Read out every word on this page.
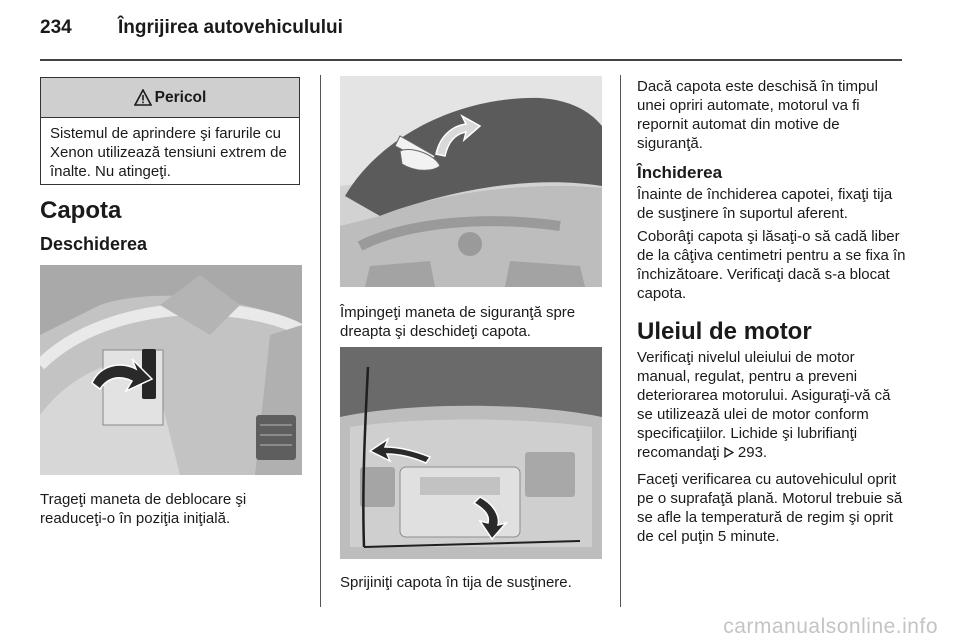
234 Îngrijirea autovehiculului
Pericol
Sistemul de aprindere şi farurile cu Xenon utilizează tensiuni extrem de înalte. Nu atingeţi.
Capota
Deschiderea
Trageţi maneta de deblocare şi readuceţi-o în poziţia iniţială.
Împingeţi maneta de siguranţă spre dreapta şi deschideţi capota.
Sprijiniţi capota în tija de susţinere.
Dacă capota este deschisă în timpul unei opriri automate, motorul va fi repornit automat din motive de siguranţă.
Închiderea
Înainte de închiderea capotei, fixaţi tija de susţinere în suportul aferent.
Coborâţi capota şi lăsaţi-o să cadă liber de la câţiva centimetri pentru a se fixa în închizătoare. Verificaţi dacă s-a blocat capota.
Uleiul de motor
Verificaţi nivelul uleiului de motor manual, regulat, pentru a preveni deteriorarea motorului. Asiguraţi-vă că se utilizează ulei de motor conform specificaţiilor. Lichide şi lubrifianţi recomandaţi 293.
Faceţi verificarea cu autovehiculul oprit pe o suprafaţă plană. Motorul trebuie să se afle la temperatură de regim şi oprit de cel puţin 5 minute.
carmanualsonline.info
